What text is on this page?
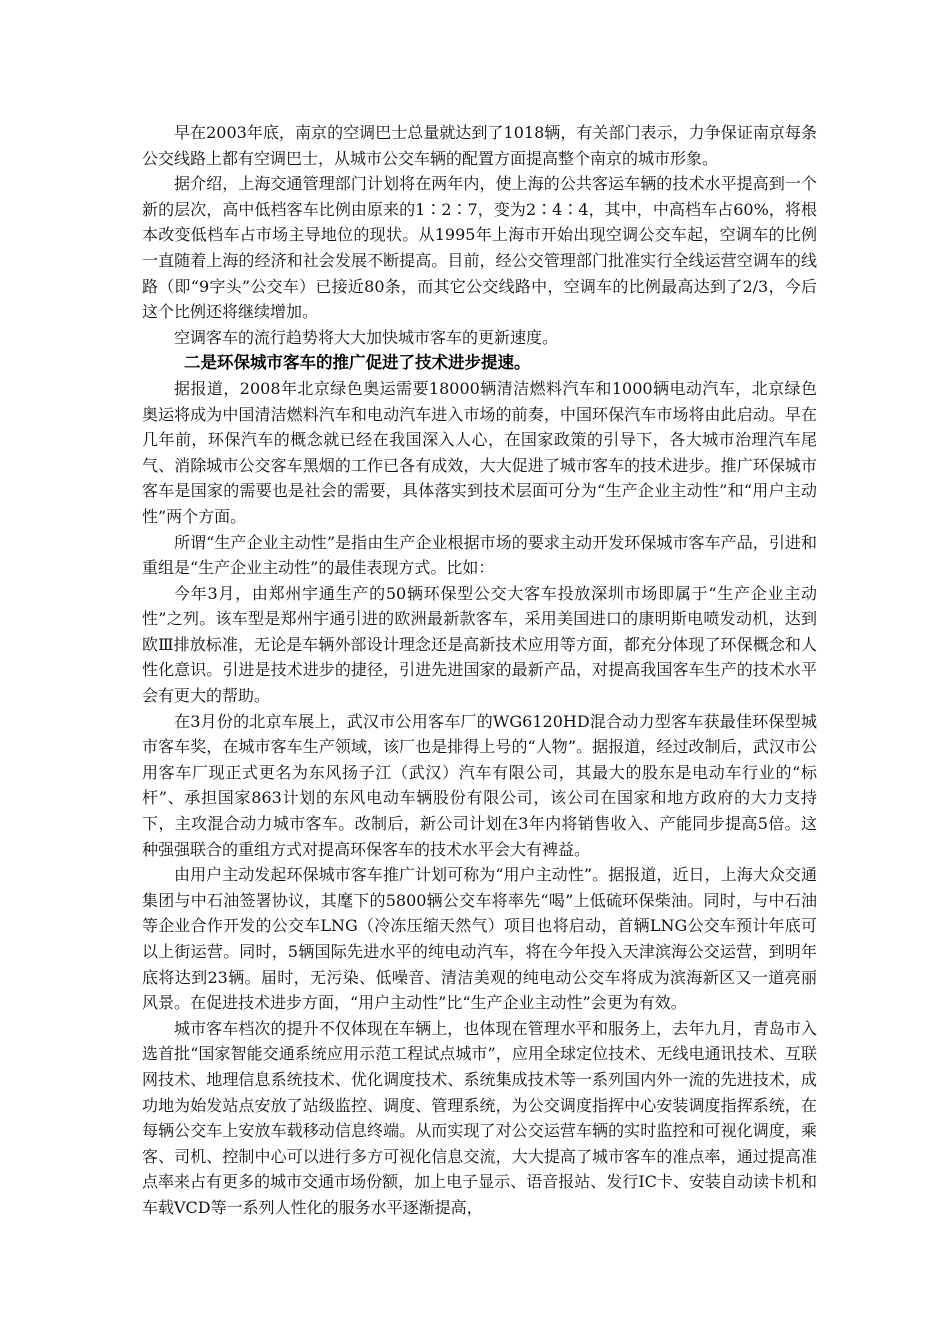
早在2003年底，南京的空调巴士总量就达到了1018辆，有关部门表示，力争保证南京每条公交线路上都有空调巴士，从城市公交车辆的配置方面提高整个南京的城市形象。

据介绍，上海交通管理部门计划将在两年内，使上海的公共客运车辆的技术水平提高到一个新的层次，高中低档客车比例由原来的1∶2∶7，变为2∶4∶4，其中，中高档车占60%，将根本改变低档车占市场主导地位的现状。从1995年上海市开始出现空调公交车起，空调车的比例一直随着上海的经济和社会发展不断提高。目前，经公交管理部门批准实行全线运营空调车的线路（即“9字头”公交车）已接近80条，而其它公交线路中，空调车的比例最高达到了2/3，今后这个比例还将继续增加。

空调客车的流行趋势将大大加快城市客车的更新速度。

二是环保城市客车的推广促进了技术进步提速。

据报道，2008年北京绿色奥运需要18000辆清洁燃料汽车和1000辆电动汽车，北京绿色奥运将成为中国清洁燃料汽车和电动汽车进入市场的前奏，中国环保汽车市场将由此启动。早在几年前，环保汽车的概念就已经在我国深入人心，在国家政策的引导下，各大城市治理汽车尾气、消除城市公交客车黑烟的工作已各有成效，大大促进了城市客车的技术进步。推广环保城市客车是国家的需要也是社会的需要，具体落实到技术层面可分为“生产企业主动性”和“用户主动性”两个方面。

所谓“生产企业主动性”是指由生产企业根据市场的要求主动开发环保城市客车产品，引进和重组是“生产企业主动性”的最佳表现方式。比如：

今年3月，由郑州宇通生产的50辆环保型公交大客车投放深圳市场即属于“生产企业主动性”之列。该车型是郑州宇通引进的欧洲最新款客车，采用美国进口的康明斯电喷发动机，达到欧Ⅲ排放标准，无论是车辆外部设计理念还是高新技术应用等方面，都充分体现了环保概念和人性化意识。引进是技术进步的捷径，引进先进国家的最新产品，对提高我国客车生产的技术水平会有更大的帮助。

在3月份的北京车展上，武汉市公用客车厂的WG6120HD混合动力型客车获最佳环保型城市客车奖，在城市客车生产领域，该厂也是排得上号的“人物”。据报道，经过改制后，武汉市公用客车厂现正式更名为东风扬子江（武汉）汽车有限公司，其最大的股东是电动车行业的“标杆”、承担国家863计划的东风电动车辆股份有限公司，该公司在国家和地方政府的大力支持下，主攻混合动力城市客车。改制后，新公司计划在3年内将销售收入、产能同步提高5倍。这种强强联合的重组方式对提高环保客车的技术水平会大有裨益。

由用户主动发起环保城市客车推广计划可称为“用户主动性”。据报道，近日，上海大众交通集团与中石油签署协议，其麾下的5800辆公交车将率先“喝”上低硫环保柴油。同时，与中石油等企业合作开发的公交车LNG（冷冻压缩天然气）项目也将启动，首辆LNG公交车预计年底可以上街运营。同时，5辆国际先进水平的纯电动汽车，将在今年投入天津滨海公交运营，到明年底将达到23辆。届时，无污染、低噪音、清洁美观的纯电动公交车将成为滨海新区又一道亮丽风景。在促进技术进步方面，“用户主动性”比“生产企业主动性”会更为有效。

城市客车档次的提升不仅体现在车辆上，也体现在管理水平和服务上，去年九月，青岛市入选首批“国家智能交通系统应用示范工程试点城市”，应用全球定位技术、无线电通讯技术、互联网技术、地理信息系统技术、优化调度技术、系统集成技术等一系列国内外一流的先进技术，成功地为始发站点安放了站级监控、调度、管理系统，为公交调度指挥中心安装调度指挥系统，在每辆公交车上安放车载移动信息终端。从而实现了对公交运营车辆的实时监控和可视化调度，乘客、司机、控制中心可以进行多方可视化信息交流，大大提高了城市客车的准点率，通过提高准点率来占有更多的城市交通市场份额，加上电子显示、语音报站、发行IC卡、安装自动读卡机和车载VCD等一系列人性化的服务水平逐渐提高，
